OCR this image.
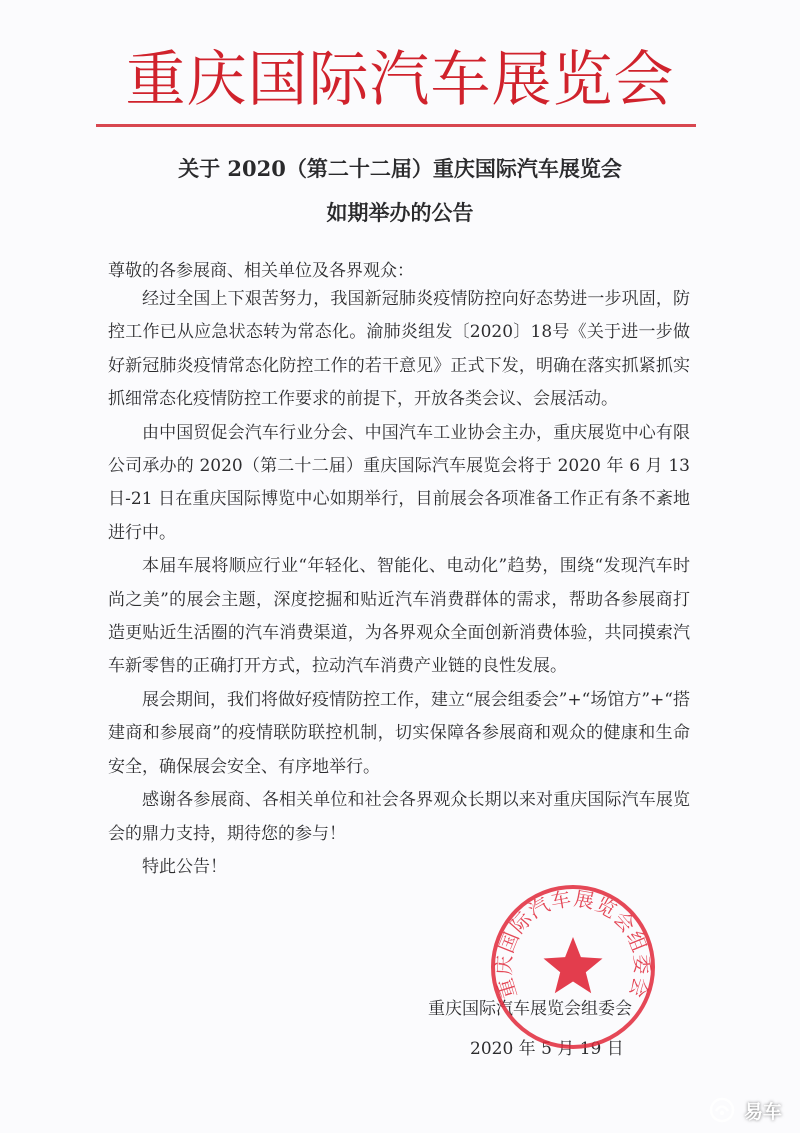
重庆国际汽车展览会
关于 2020（第二十二届）重庆国际汽车展览会
如期举办的公告
尊敬的各参展商、相关单位及各界观众：

经过全国上下艰苦努力，我国新冠肺炎疫情防控向好态势进一步巩固，防控工作已从应急状态转为常态化。渝肺炎组发〔2020〕18号《关于进一步做好新冠肺炎疫情常态化防控工作的若干意见》正式下发，明确在落实抓紧抓实抓细常态化疫情防控工作要求的前提下，开放各类会议、会展活动。

由中国贸促会汽车行业分会、中国汽车工业协会主办，重庆展览中心有限公司承办的 2020（第二十二届）重庆国际汽车展览会将于 2020 年 6 月 13 日-21 日在重庆国际博览中心如期举行，目前展会各项准备工作正有条不紊地进行中。

本届车展将顺应行业“年轻化、智能化、电动化”趋势，围绕“发现汽车时尚之美”的展会主题，深度挖掘和贴近汽车消费群体的需求，帮助各参展商打造更贴近生活圈的汽车消费渠道，为各界观众全面创新消费体验，共同摸索汽车新零售的正确打开方式，拉动汽车消费产业链的良性发展。

展会期间，我们将做好疫情防控工作，建立“展会组委会”+“场馆方”+“搭建商和参展商”的疫情联防联控机制，切实保障各参展商和观众的健康和生命安全，确保展会安全、有序地举行。

感谢各参展商、各相关单位和社会各界观众长期以来对重庆国际汽车展览会的鼎力支持，期待您的参与！

特此公告！

重庆国际汽车展览会组委会
2020 年 5 月 19 日
重庆国际汽车展览会组委会
易车
